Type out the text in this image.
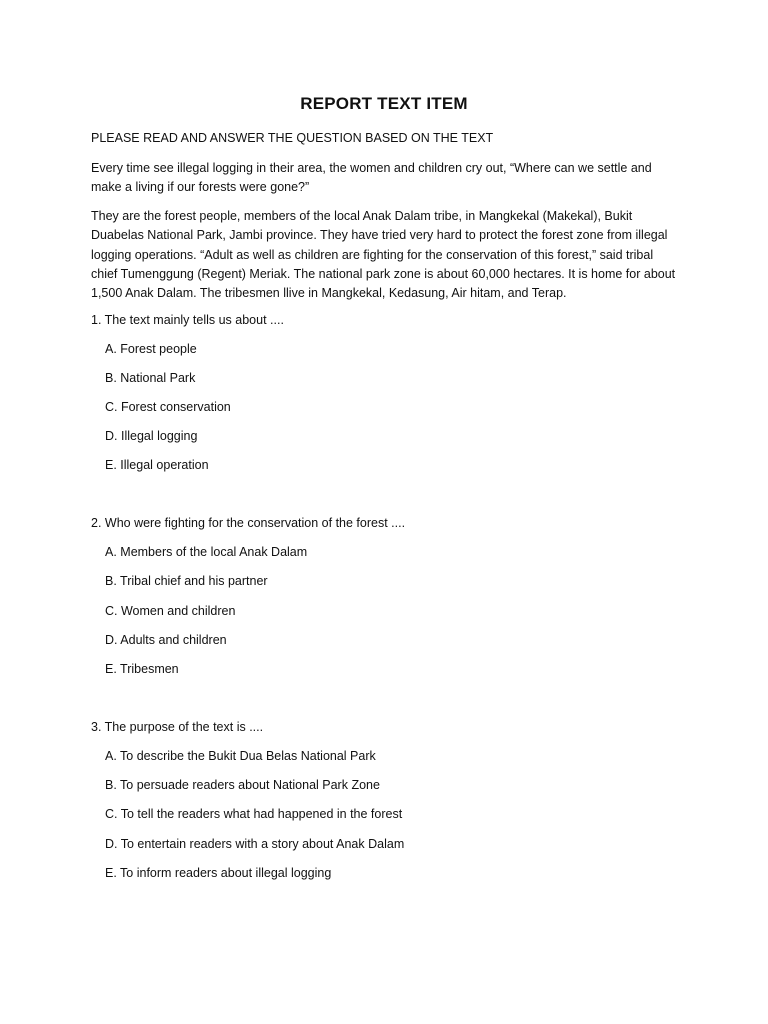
REPORT TEXT ITEM
PLEASE READ AND ANSWER THE QUESTION BASED ON THE TEXT
Every time see illegal logging in their area, the women and children cry out, “Where can we settle and make a living if our forests were gone?”
They are the forest people, members of the local Anak Dalam tribe, in Mangkekal (Makekal), Bukit Duabelas National Park, Jambi province. They have tried very hard to protect the forest zone from illegal logging operations. “Adult as well as children are fighting for the conservation of this forest,” said tribal chief Tumenggung (Regent) Meriak. The national park zone is about 60,000 hectares. It is home for about 1,500 Anak Dalam. The tribesmen llive in Mangkekal, Kedasung, Air hitam, and Terap.
1. The text mainly tells us about ....
A. Forest people
B. National Park
C. Forest conservation
D. Illegal logging
E. Illegal operation
2. Who were fighting for the conservation of the forest ....
A. Members of the local Anak Dalam
B. Tribal chief and his partner
C. Women and children
D. Adults and children
E. Tribesmen
3. The purpose of the text is ....
A. To describe the Bukit Dua Belas National Park
B. To persuade readers about National Park Zone
C. To tell the readers what had happened in the forest
D. To entertain readers with a story about Anak Dalam
E. To inform readers about illegal logging
